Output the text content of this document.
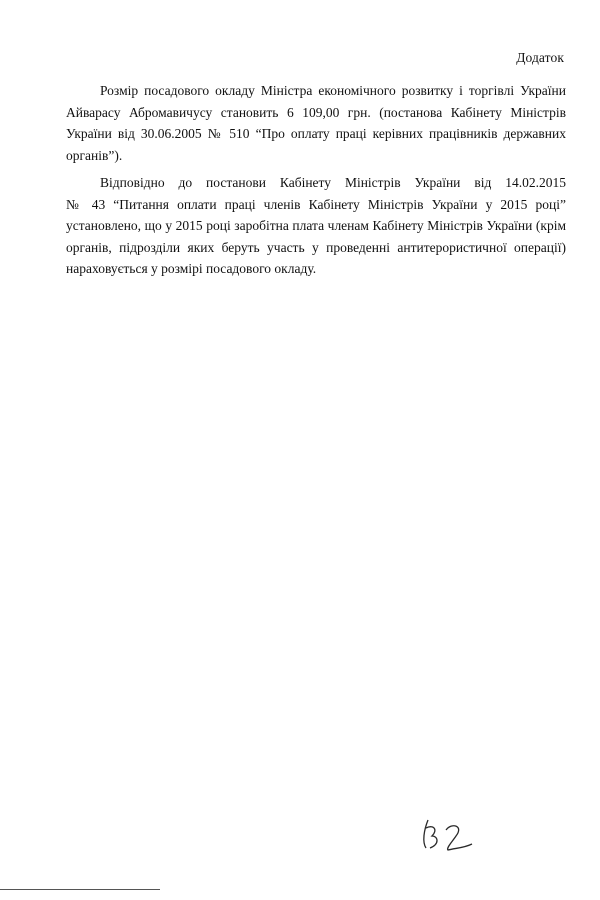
Додаток

Розмір посадового окладу Міністра економічного розвитку і торгівлі України
Айварасу Абромавичусу становить 6 109,00 грн. (постанова Кабінету Міністрів
України від 30.06.2005 № 510 “Про оплату праці керівних працівників державних
органів”).

Відповідно до постанови Кабінету Міністрів України від 14.02.2015
№ 43 “Питання оплати праці членів Кабінету Міністрів України у 2015 році”
установлено, що у 2015 році заробітна плата членам Кабінету Міністрів України (крім
органів, підрозділи яких беруть участь у проведенні антитерористичної операції)
нараховується у розмірі посадового окладу.
